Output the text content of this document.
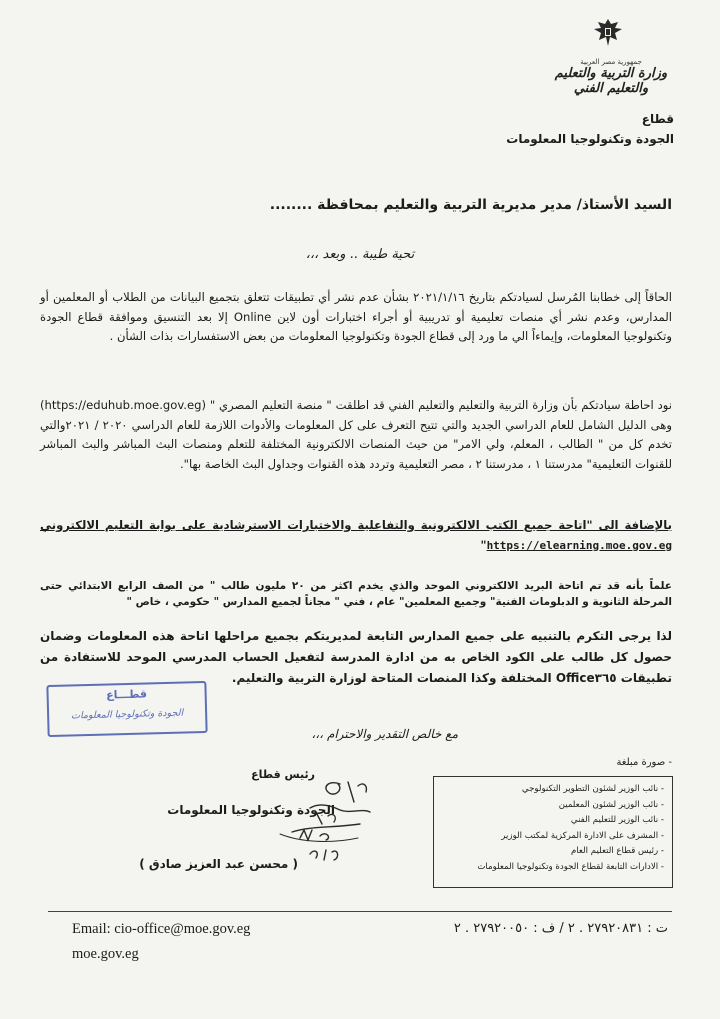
جمهورية مصر العربية
وزارة التربية والتعليم والتعليم الفني
قطاع
الجودة وتكنولوجيا المعلومات
السيد الأستاذ/ مدير مديرية التربية والتعليم بمحافظة ........
تحية طيبة .. وبعد ،،،
الحاقاً إلى خطابنا المُرسل لسيادتكم بتاريخ ٢٠٢١/١/١٦ بشأن عدم نشر أي تطبيقات تتعلق بتجميع البيانات من الطلاب أو المعلمين أو المدارس، وعدم نشر أي منصات تعليمية أو تدريبية أو أجراء اختبارات أون لاين Online إلا بعد التنسيق وموافقة قطاع الجودة وتكنولوجيا المعلومات، وإيماءاً الي ما ورد إلى قطاع الجودة وتكنولوجيا المعلومات من بعض الاستفسارات بذات الشأن .
نود احاطة سيادتكم بأن وزارة التربية والتعليم والتعليم الفني قد اطلقت " منصة التعليم المصري " (https://eduhub.moe.gov.eg) وهى الدليل الشامل للعام الدراسي الجديد والتي تتيح التعرف على كل المعلومات والأدوات اللازمة للعام الدراسي ٢٠٢٠ / ٢٠٢١والتي تخدم كل من " الطالب ، المعلم، ولي الامر" من حيث المنصات الالكترونية المختلفة للتعلم ومنصات البث المباشر والبث المباشر للقنوات التعليمية" مدرستنا ١ ، مدرستنا ٢ ، مصر التعليمية وتردد هذه القنوات وجداول البث الخاصة بها".
بالإضافة الى "اتاحة جميع الكتب الالكترونية والتفاعلية والاختبارات الاسترشادية على بوابة التعليم الالكتروني https://elearning.moe.gov.eg"
علماً بأنه قد تم اتاحة البريد الالكتروني الموحد والذي يخدم اكثر من ٢٠ مليون طالب " من الصف الرابع الابتدائي حتى المرحلة الثانوية و الدبلومات الفنية" وجميع المعلمين" عام ، فني " مجاناً لجميع المدارس " حكومي ، خاص "
لذا يرجى التكرم بالتنبيه على جميع المدارس التابعة لمديريتكم بجميع مراحلها اتاحة هذه المعلومات وضمان حصول كل طالب على الكود الخاص به من ادارة المدرسة لتفعيل الحساب المدرسي الموحد للاستفادة من تطبيقات Office٣٦٥ المختلفة وكذا المنصات المتاحة لوزارة التربية والتعليم.
قطـــاع
الجودة وتكنولوجيا المعلومات
مع خالص التقدير والاحترام ،،،
- صورة مبلغة
- نائب الوزير لشئون التطوير التكنولوجي
- نائب الوزير لشئون المعلمين
- نائب الوزير للتعليم الفني
- المشرف على الادارة المركزية لمكتب الوزير
- رئيس قطاع التعليم العام
- الادارات التابعة لقطاع الجودة وتكنولوجيا المعلومات
رئيس قطاع
الجودة وتكنولوجيا المعلومات
( محسن عبد العزيز صادق )
Email: cio-office@moe.gov.eg	ت : ٢٧٩٢٠٨٣١ . ٢ / ف : ٢٧٩٢٠٠٥٠ . ٢
moe.gov.eg
